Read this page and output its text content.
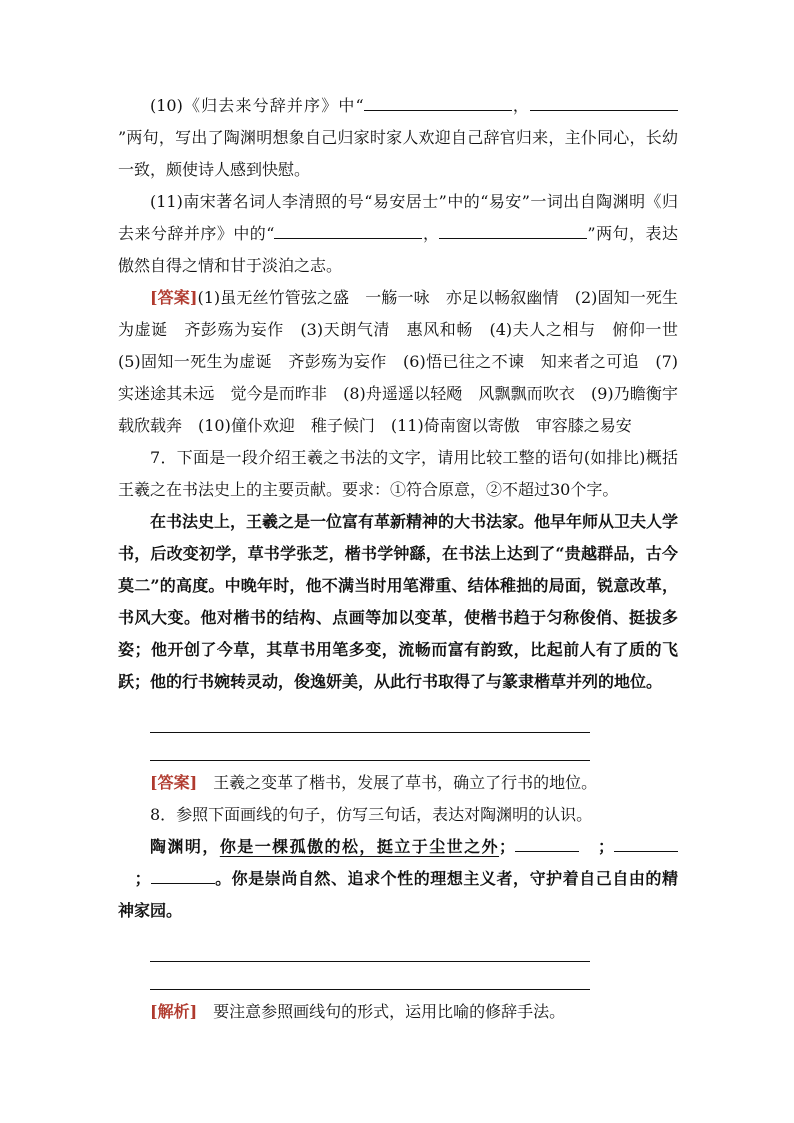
(10)《归去来兮辞并序》中“	，”两句，写出了陶渊明想象自己归家时家人欢迎自己辞官归来，主仆同心，长幼一致，颇使诗人感到快慰。

(11)南宋著名词人李清照的号“易安居士”中的“易安”一词出自陶渊明《归去来兮辞并序》中的“	，	”两句，表达傲然自得之情和甘于淡泊之志。

[答案](1)虽无丝竹管弦之盛　一觞一咏　亦足以畅叙幽情　(2)固知一死生为虚诞　齐彭殇为妄作　(3)天朗气清　惠风和畅　(4)夫人之相与　俯仰一世　(5)固知一死生为虚诞　齐彭殇为妄作　(6)悟已往之不谏　知来者之可追　(7)实迷途其未远　觉今是而昨非　(8)舟遥遥以轻飏　风飘飘而吹衣　(9)乃瞻衡宇　载欣载奔　(10)僮仆欢迎　稚子候门　(11)倚南窗以寄傲　审容膝之易安

7．下面是一段介绍王羲之书法的文字，请用比较工整的语句(如排比)概括王羲之在书法史上的主要贡献。要求：①符合原意，②不超过30个字。

在书法史上，王羲之是一位富有革新精神的大书法家。他早年师从卫夫人学书，后改变初学，草书学张芝，楷书学钟繇，在书法上达到了“贵越群品，古今莫二”的高度。中晚年时，他不满当时用笔滞重、结体稚拙的局面，锐意改革，书风大变。他对楷书的结构、点画等加以变革，使楷书趋于匀称俊俏、挺拔多姿；他开创了今草，其草书用笔多变，流畅而富有韵致，比起前人有了质的飞跃；他的行书婉转灵动，俊逸妍美，从此行书取得了与篆隶楷草并列的地位。

[答案]　 王羲之变革了楷书，发展了草书，确立了行书的地位。

8．参照下面画线的句子，仿写三句话，表达对陶渊明的认识。

陶渊明，你是一棵孤傲的松，挺立于尘世之外；　	；　；	。你是崇尚自然、追求个性的理想主义者，守护着自己自由的精神家园。

[解析]　 要注意参照画线句的形式，运用比喻的修辞手法。
